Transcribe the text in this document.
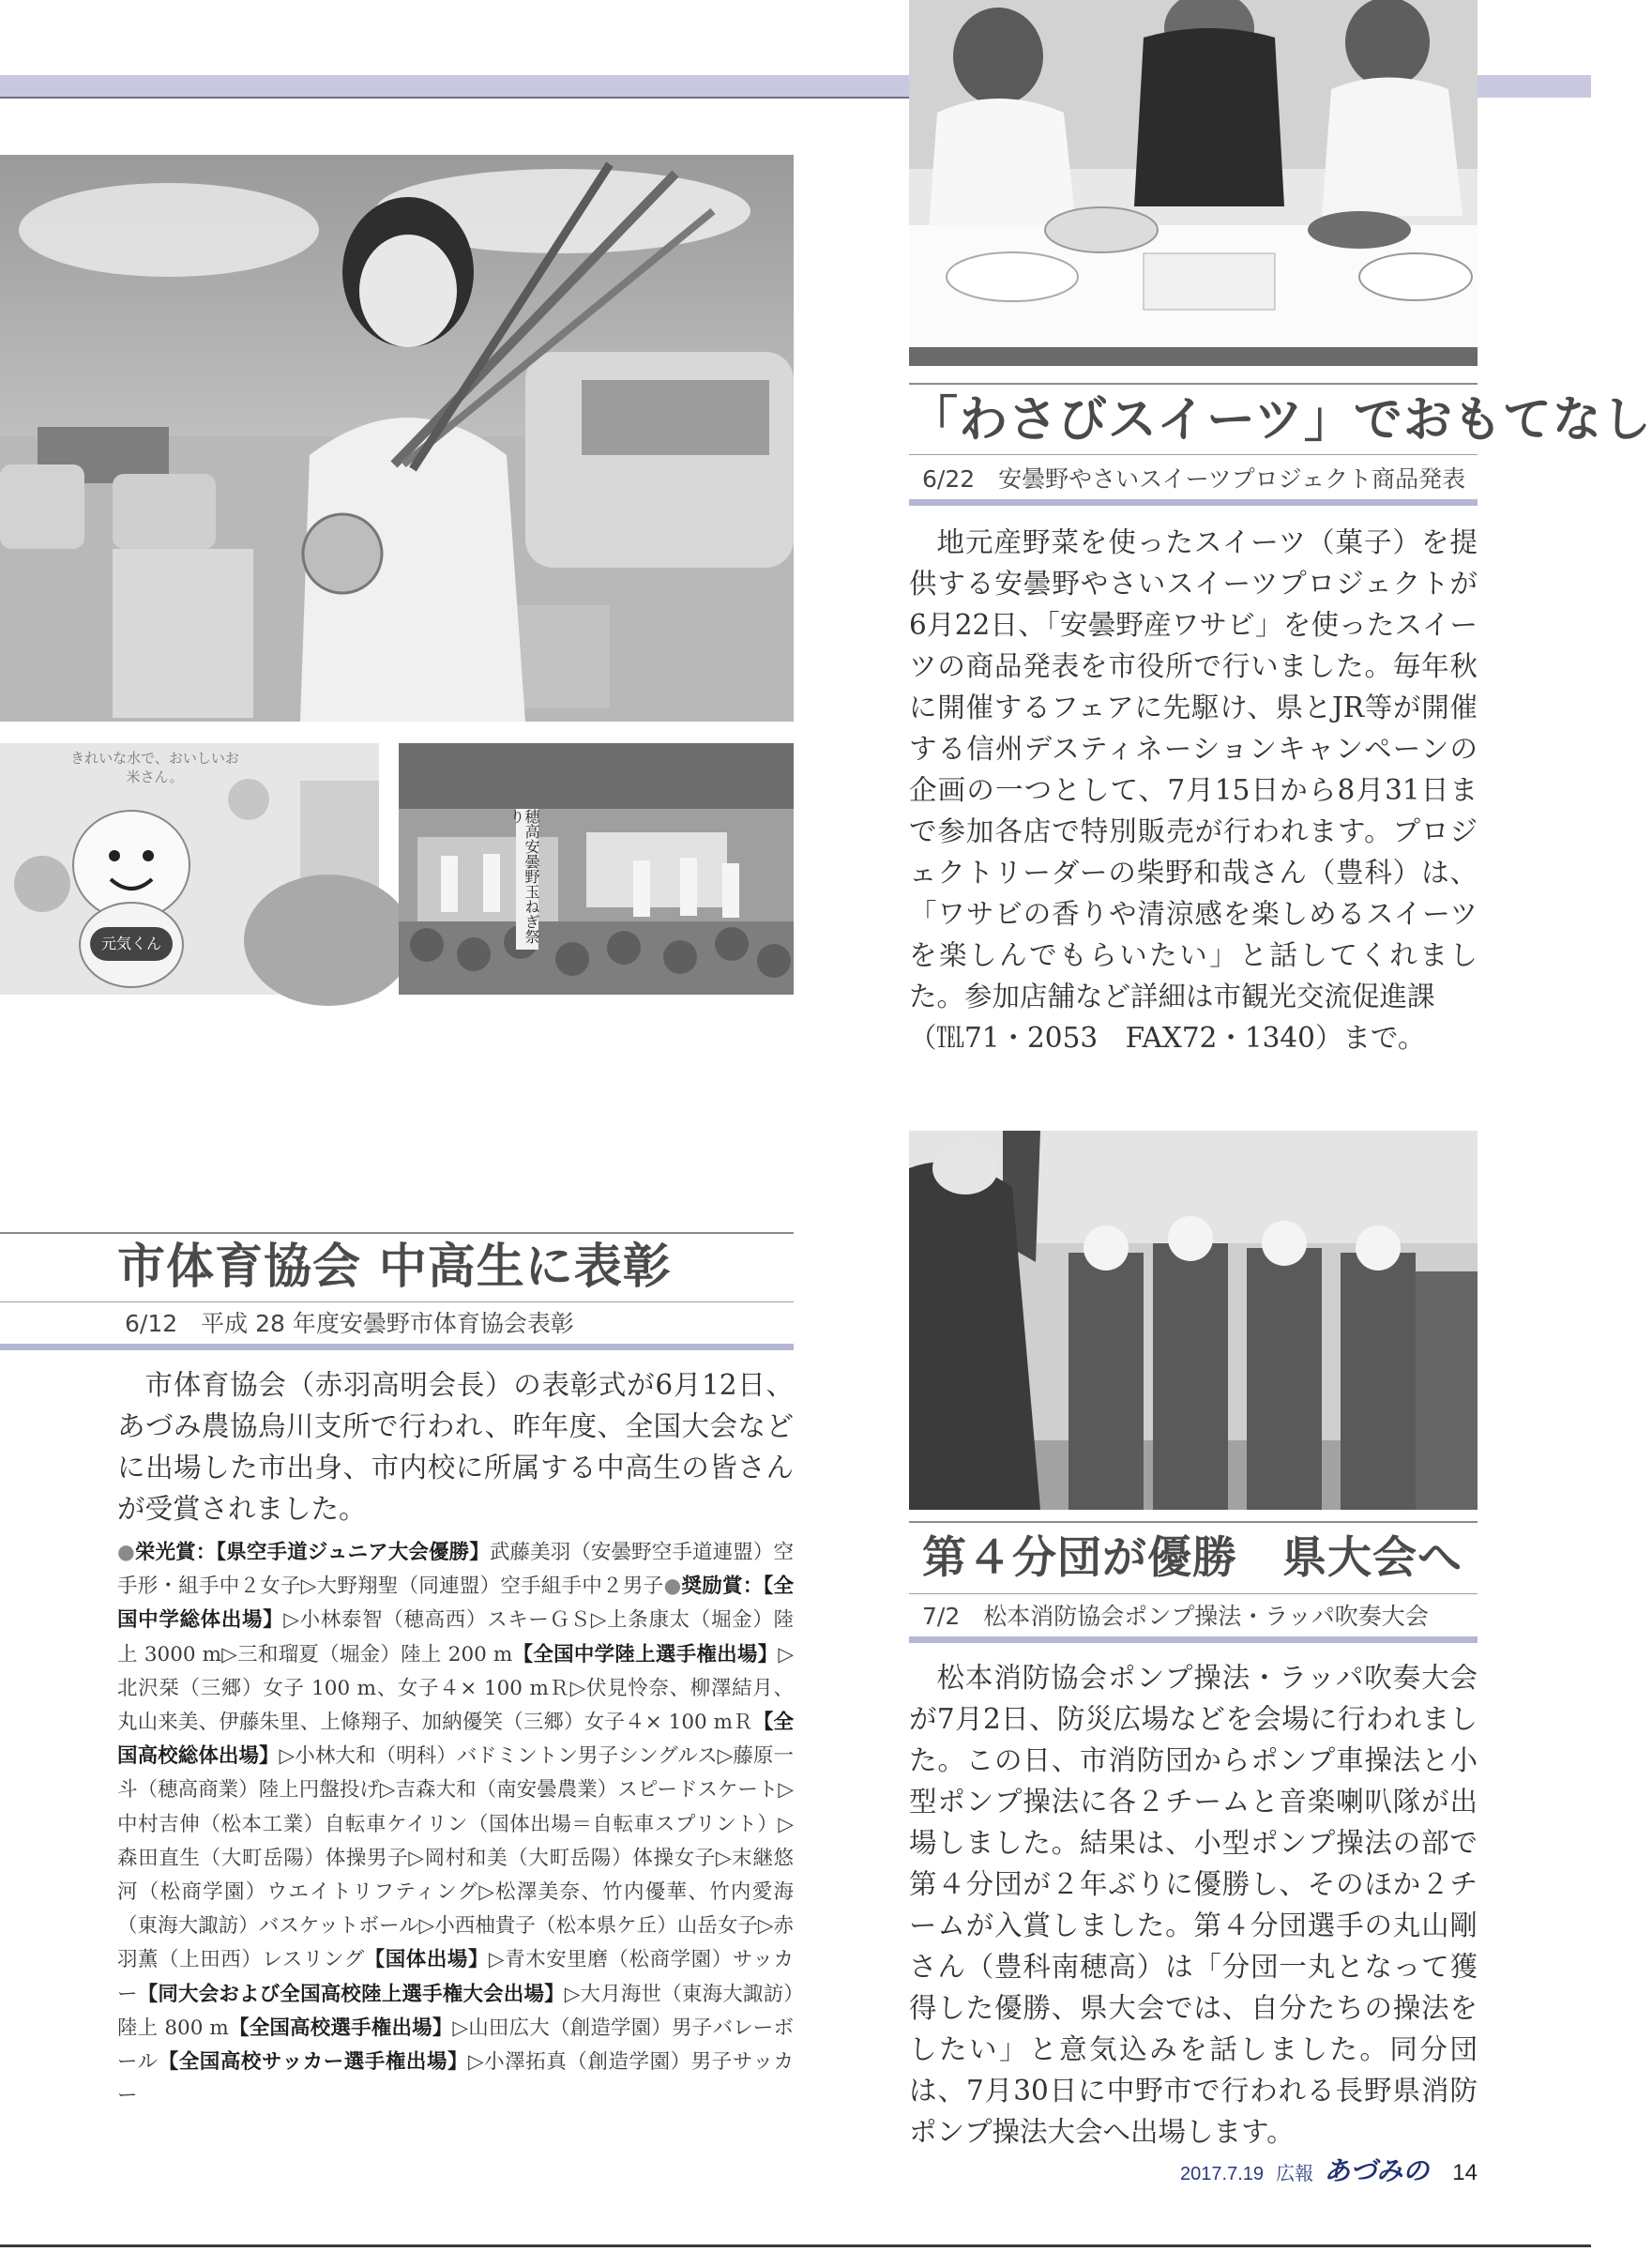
きれいな水で、おいしいお米さん。
元気くん	穂高安曇野玉ねぎ祭り
「わさびスイーツ」でおもてなし
6/22　安曇野やさいスイーツプロジェクト商品発表

地元産野菜を使ったスイーツ（菓子）を提供する安曇野やさいスイーツプロジェクトが6月22日、「安曇野産ワサビ」を使ったスイーツの商品発表を市役所で行いました。毎年秋に開催するフェアに先駆け、県とJR等が開催する信州デスティネーションキャンペーンの企画の一つとして、7月15日から8月31日まで参加各店で特別販売が行われます。プロジェクトリーダーの柴野和哉さん（豊科）は、「ワサビの香りや清涼感を楽しめるスイーツを楽しんでもらいたい」と話してくれました。参加店舗など詳細は市観光交流促進課

（℡71・2053　FAX72・1340）まで。

第４分団が優勝　県大会へ
7/2　松本消防協会ポンプ操法・ラッパ吹奏大会

松本消防協会ポンプ操法・ラッパ吹奏大会が7月2日、防災広場などを会場に行われました。この日、市消防団からポンプ車操法と小型ポンプ操法に各２チームと音楽喇叭隊が出場しました。結果は、小型ポンプ操法の部で第４分団が２年ぶりに優勝し、そのほか２チームが入賞しました。第４分団選手の丸山剛さん（豊科南穂高）は「分団一丸となって獲得した優勝、県大会では、自分たちの操法をしたい」と意気込みを話しました。同分団は、7月30日に中野市で行われる長野県消防ポンプ操法大会へ出場します。

市体育協会 中高生に表彰
6/12　平成 28 年度安曇野市体育協会表彰

市体育協会（赤羽高明会長）の表彰式が6月12日、あづみ農協烏川支所で行われ、昨年度、全国大会などに出場した市出身、市内校に所属する中高生の皆さんが受賞されました。

●栄光賞：【県空手道ジュニア大会優勝】武藤美羽（安曇野空手道連盟）空手形・組手中２女子▷大野翔聖（同連盟）空手組手中２男子●奨励賞：【全国中学総体出場】▷小林泰智（穂高西）スキーＧＳ▷上条康太（堀金）陸上 3000 m▷三和瑠夏（堀金）陸上 200 m【全国中学陸上選手権出場】▷北沢栞（三郷）女子 100 m、女子４× 100 mＲ▷伏見怜奈、柳澤結月、丸山来美、伊藤朱里、上條翔子、加納優笑（三郷）女子４× 100 mＲ【全国高校総体出場】▷小林大和（明科）バドミントン男子シングルス▷藤原一斗（穂高商業）陸上円盤投げ▷吉森大和（南安曇農業）スピードスケート▷中村吉伸（松本工業）自転車ケイリン（国体出場＝自転車スプリント）▷森田直生（大町岳陽）体操男子▷岡村和美（大町岳陽）体操女子▷末継悠河（松商学園）ウエイトリフティング▷松澤美奈、竹内優華、竹内愛海（東海大諏訪）バスケットボール▷小西柚貴子（松本県ケ丘）山岳女子▷赤羽薫（上田西）レスリング【国体出場】▷青木安里磨（松商学園）サッカー【同大会および全国高校陸上選手権大会出場】▷大月海世（東海大諏訪）陸上 800 m【全国高校選手権出場】▷山田広大（創造学園）男子バレーボール【全国高校サッカー選手権出場】▷小澤拓真（創造学園）男子サッカー

2017.7.19 広報 あづみの 14
